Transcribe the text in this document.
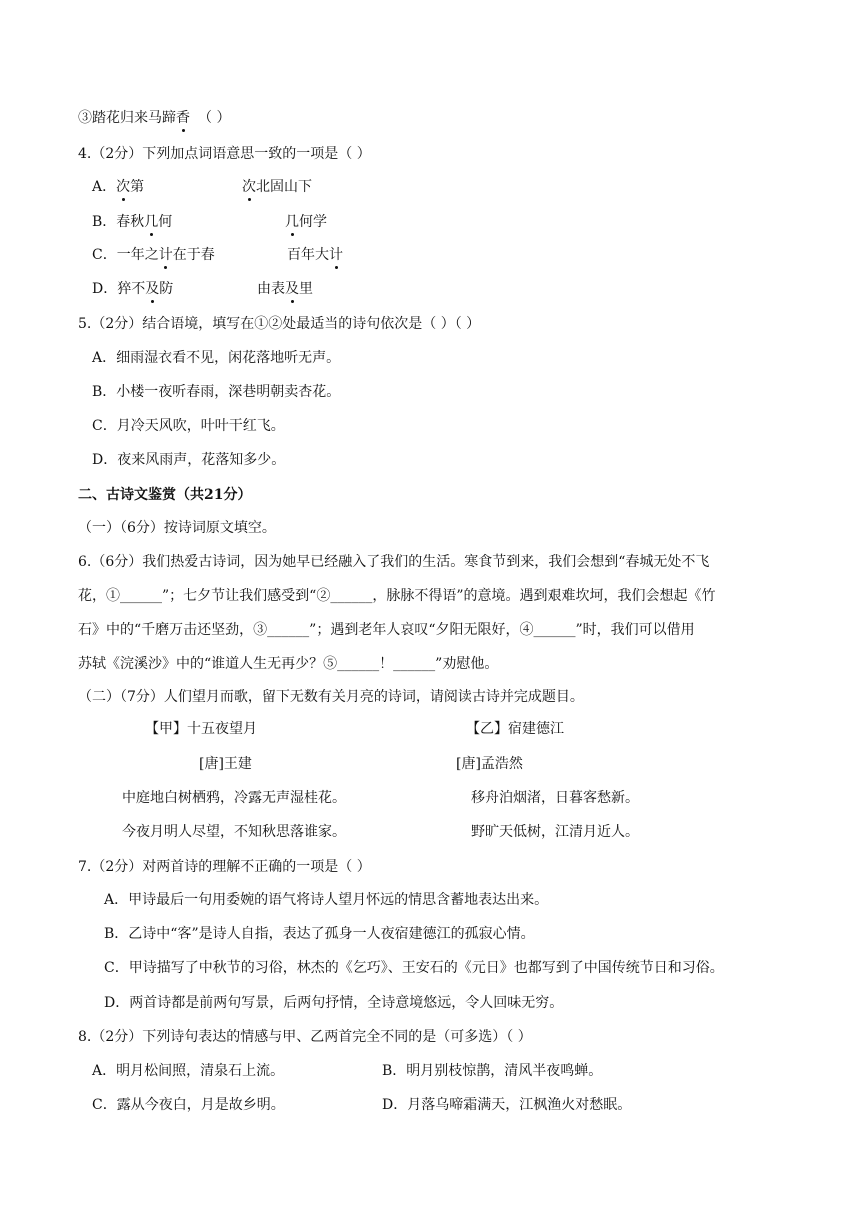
③踏花归来马蹄香 （ ）
4.（2分）下列加点词语意思一致的一项是（ ）
A．次第	次北固山下
B．春秋几何	几何学
C．一年之计在于春	百年大计
D．猝不及防	由表及里
5.（2分）结合语境，填写在①②处最适当的诗句依次是（ ）（ ）
A．细雨湿衣看不见，闲花落地听无声。
B．小楼一夜听春雨，深巷明朝卖杏花。
C．月冷天风吹，叶叶干红飞。
D．夜来风雨声，花落知多少。
二、古诗文鉴赏（共21分）
（一）（6分）按诗词原文填空。
6.（6分）我们热爱古诗词，因为她早已经融入了我们的生活。寒食节到来，我们会想到“春城无处不飞
花，①______”；七夕节让我们感受到“②______，脉脉不得语”的意境。遇到艰难坎坷，我们会想起《竹
石》中的“千磨万击还坚劲，③______”；遇到老年人哀叹“夕阳无限好，④______”时，我们可以借用
苏轼《浣溪沙》中的“谁道人生无再少？⑤______！______”劝慰他。
（二）（7分）人们望月而歌，留下无数有关月亮的诗词，请阅读古诗并完成题目。
【甲】十五夜望月	【乙】宿建德江
[唐]王建	[唐]孟浩然
中庭地白树栖鸦，冷露无声湿桂花。	移舟泊烟渚，日暮客愁新。
今夜月明人尽望，不知秋思落谁家。	野旷天低树，江清月近人。
7.（2分）对两首诗的理解不正确的一项是（ ）
A．甲诗最后一句用委婉的语气将诗人望月怀远的情思含蓄地表达出来。
B．乙诗中“客”是诗人自指，表达了孤身一人夜宿建德江的孤寂心情。
C．甲诗描写了中秋节的习俗，林杰的《乞巧》、王安石的《元日》也都写到了中国传统节日和习俗。
D．两首诗都是前两句写景，后两句抒情，全诗意境悠远，令人回味无穷。
8.（2分）下列诗句表达的情感与甲、乙两首完全不同的是（可多选）（ ）
A．明月松间照，清泉石上流。	B．明月别枝惊鹊，清风半夜鸣蝉。
C．露从今夜白，月是故乡明。	D．月落乌啼霜满天，江枫渔火对愁眠。
